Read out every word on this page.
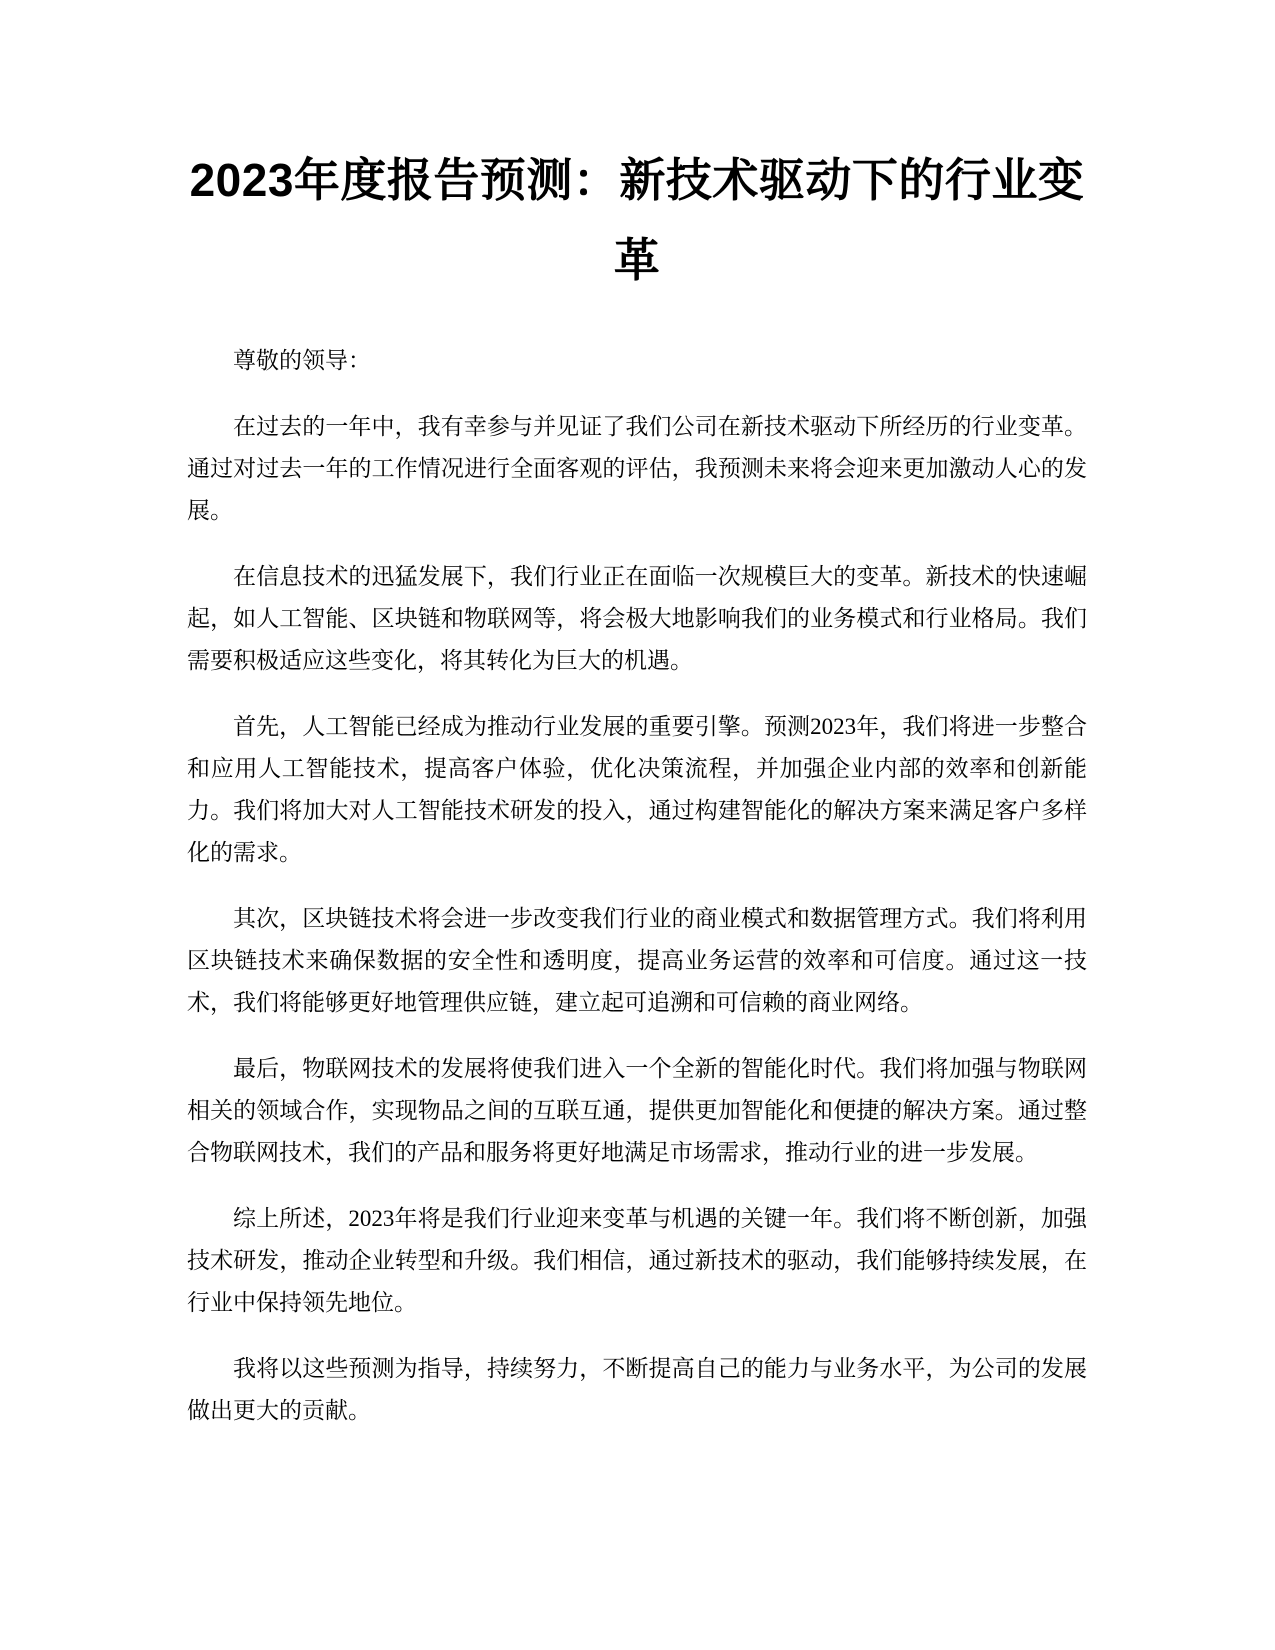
2023年度报告预测：新技术驱动下的行业变革

尊敬的领导：

在过去的一年中，我有幸参与并见证了我们公司在新技术驱动下所经历的行业变革。通过对过去一年的工作情况进行全面客观的评估，我预测未来将会迎来更加激动人心的发展。

在信息技术的迅猛发展下，我们行业正在面临一次规模巨大的变革。新技术的快速崛起，如人工智能、区块链和物联网等，将会极大地影响我们的业务模式和行业格局。我们需要积极适应这些变化，将其转化为巨大的机遇。

首先，人工智能已经成为推动行业发展的重要引擎。预测2023年，我们将进一步整合和应用人工智能技术，提高客户体验，优化决策流程，并加强企业内部的效率和创新能力。我们将加大对人工智能技术研发的投入，通过构建智能化的解决方案来满足客户多样化的需求。

其次，区块链技术将会进一步改变我们行业的商业模式和数据管理方式。我们将利用区块链技术来确保数据的安全性和透明度，提高业务运营的效率和可信度。通过这一技术，我们将能够更好地管理供应链，建立起可追溯和可信赖的商业网络。

最后，物联网技术的发展将使我们进入一个全新的智能化时代。我们将加强与物联网相关的领域合作，实现物品之间的互联互通，提供更加智能化和便捷的解决方案。通过整合物联网技术，我们的产品和服务将更好地满足市场需求，推动行业的进一步发展。

综上所述，2023年将是我们行业迎来变革与机遇的关键一年。我们将不断创新，加强技术研发，推动企业转型和升级。我们相信，通过新技术的驱动，我们能够持续发展，在行业中保持领先地位。

我将以这些预测为指导，持续努力，不断提高自己的能力与业务水平，为公司的发展做出更大的贡献。
